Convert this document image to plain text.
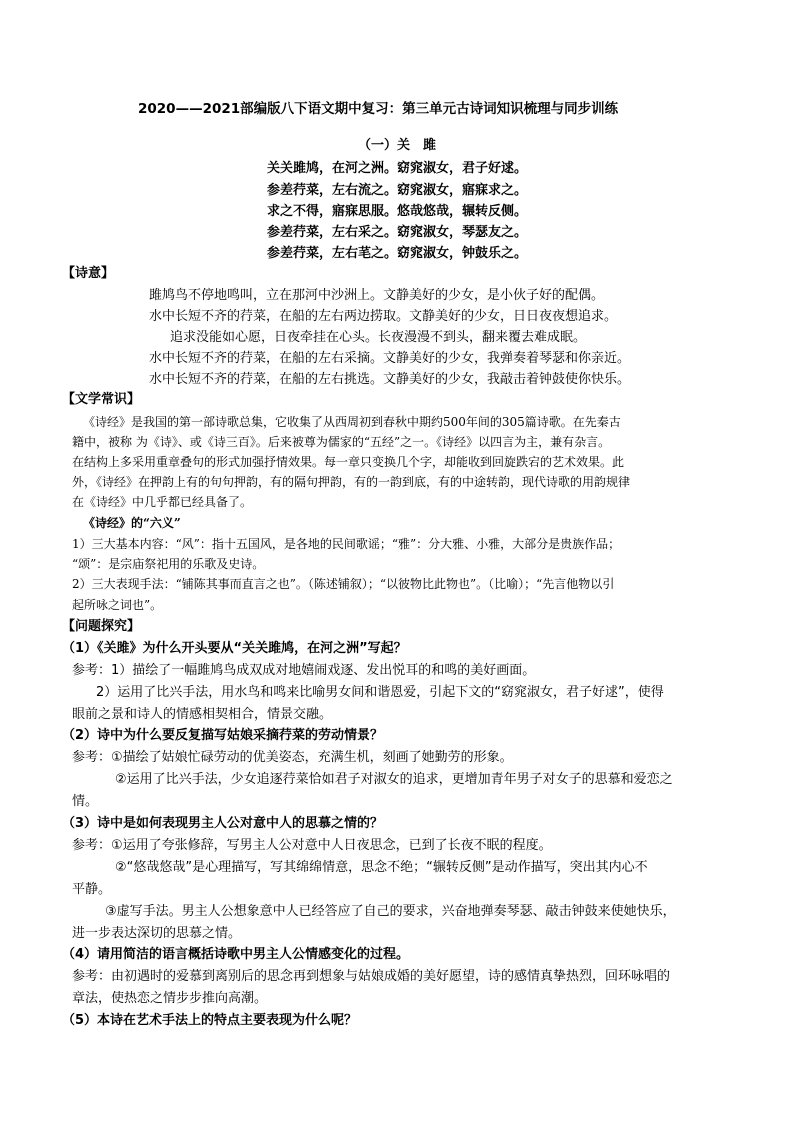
2020——2021部编版八下语文期中复习：第三单元古诗词知识梳理与同步训练
（一）关　雎
关关雎鸠，在河之洲。窈窕淑女，君子好逑。
参差荇菜，左右流之。窈窕淑女，寤寐求之。
求之不得，寤寐思服。悠哉悠哉，辗转反侧。
参差荇菜，左右采之。窈窕淑女，琴瑟友之。
参差荇菜，左右芼之。窈窕淑女，钟鼓乐之。
【诗意】
雎鸠鸟不停地鸣叫，立在那河中沙洲上。文静美好的少女，是小伙子好的配偶。
水中长短不齐的荇菜，在船的左右两边捞取。文静美好的少女，日日夜夜想追求。
追求没能如心愿，日夜牵挂在心头。长夜漫漫不到头，翻来覆去难成眠。
水中长短不齐的荇菜，在船的左右采摘。文静美好的少女，我弹奏着琴瑟和你亲近。
水中长短不齐的荇菜，在船的左右挑选。文静美好的少女，我敲击着钟鼓使你快乐。
【文学常识】
《诗经》是我国的第一部诗歌总集，它收集了从西周初到春秋中期约500年间的305篇诗歌。在先秦古
籍中，被称 为《诗》、或《诗三百》。后来被尊为儒家的“五经”之一。《诗经》以四言为主，兼有杂言。
在结构上多采用重章叠句的形式加强抒情效果。每一章只变换几个字，却能收到回旋跌宕的艺术效果。此
外，《诗经》在押韵上有的句句押韵，有的隔句押韵，有的一韵到底，有的中途转韵，现代诗歌的用韵规律
在《诗经》中几乎都已经具备了。
《诗经》的“六义”
1）三大基本内容：“风”：指十五国风，是各地的民间歌谣；“雅”：分大雅、小雅，大部分是贵族作品；
“颂”：是宗庙祭祀用的乐歌及史诗。
2）三大表现手法：“铺陈其事而直言之也”。（陈述铺叙）；“以彼物比此物也”。（比喻）；“先言他物以引
起所咏之词也”。
【问题探究】
（1）《关雎》为什么开头要从“关关雎鸠，在河之洲”写起？
参考：1）描绘了一幅雎鸠鸟成双成对地嬉闹戏逐、发出悦耳的和鸣的美好画面。
2）运用了比兴手法，用水鸟和鸣来比喻男女间和谐恩爱，引起下文的“窈窕淑女，君子好逑”，使得
眼前之景和诗人的情感相契相合，情景交融。
（2）诗中为什么要反复描写姑娘采摘荇菜的劳动情景？
参考：①描绘了姑娘忙碌劳动的优美姿态，充满生机，刻画了她勤劳的形象。
②运用了比兴手法，少女追逐荇菜恰如君子对淑女的追求，更增加青年男子对女子的思慕和爱恋之
情。
（3）诗中是如何表现男主人公对意中人的思慕之情的？
参考：①运用了夸张修辞，写男主人公对意中人日夜思念，已到了长夜不眠的程度。
②“悠哉悠哉”是心理描写，写其绵绵情意，思念不绝；“辗转反侧”是动作描写，突出其内心不
平静。
③虚写手法。男主人公想象意中人已经答应了自己的要求，兴奋地弹奏琴瑟、敲击钟鼓来使她快乐，
进一步表达深切的思慕之情。
（4）请用简洁的语言概括诗歌中男主人公情感变化的过程。
参考：由初遇时的爱慕到离别后的思念再到想象与姑娘成婚的美好愿望，诗的感情真挚热烈，回环咏唱的
章法，使热恋之情步步推向高潮。
（5）本诗在艺术手法上的特点主要表现为什么呢？
